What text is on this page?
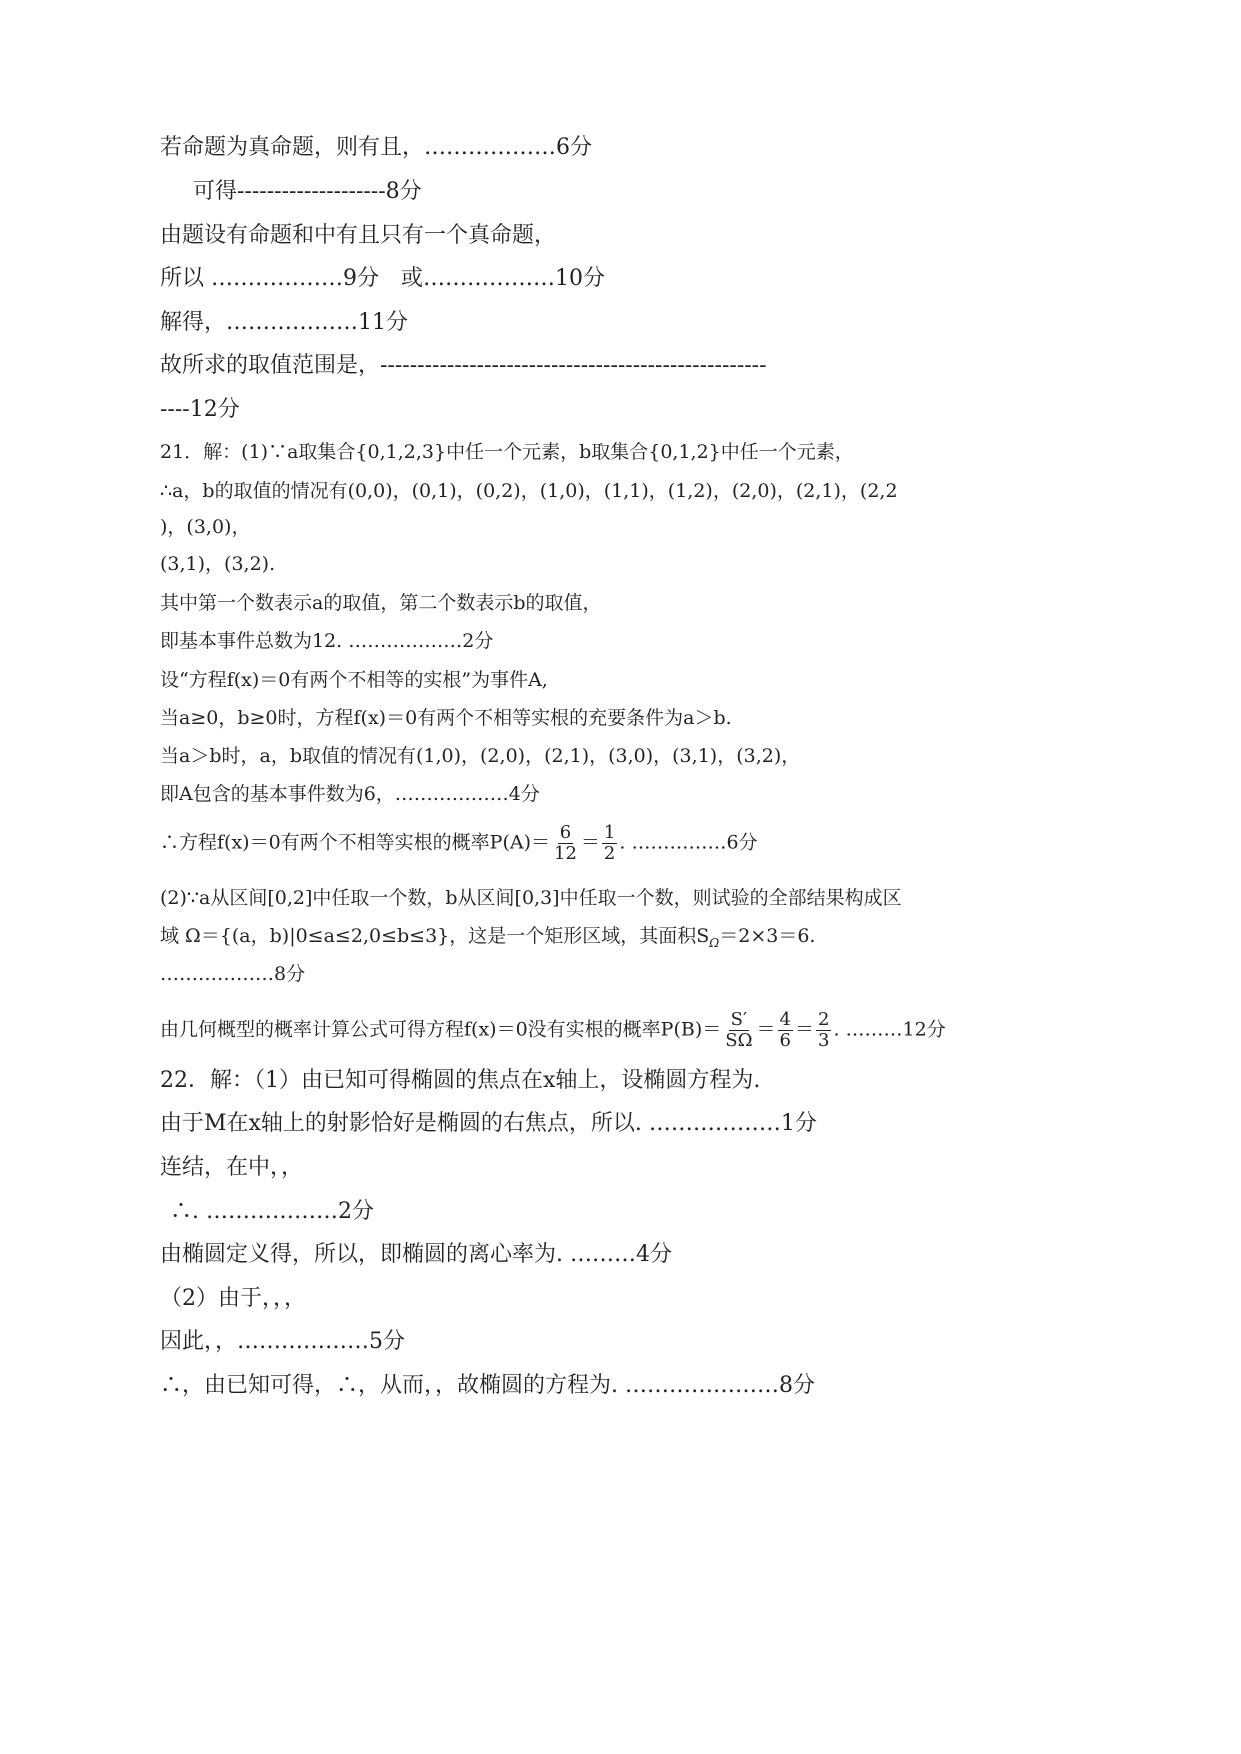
若命题为真命题，则有且，………………6分
可得--------------------8分
由题设有命题和中有且只有一个真命题，
所以 ………………9分　或………………10分
解得，………………11分
故所求的取值范围是，----------------------------------------------------
----12分
21．解：(1)∵a取集合{0,1,2,3}中任一个元素，b取集合{0,1,2}中任一个元素，
∴a，b的取值的情况有(0,0)，(0,1)，(0,2)，(1,0)，(1,1)，(1,2)，(2,0)，(2,1)，(2,2
)，(3,0)，
(3,1)，(3,2).
其中第一个数表示a的取值，第二个数表示b的取值，
即基本事件总数为12. ………………2分
设“方程f(x)＝0有两个不相等的实根”为事件A,
当a≥0，b≥0时，方程f(x)＝0有两个不相等实根的充要条件为a＞b.
当a＞b时，a，b取值的情况有(1,0)，(2,0)，(2,1)，(3,0)，(3,1)，(3,2)，
即A包含的基本事件数为6，………………4分
∴方程f(x)＝0有两个不相等实根的概率$P(A)= \frac{6}{12} = \frac{1}{2}$ . ……………6分
(2)∵a从区间[0,2]中任取一个数，b从区间[0,3]中任取一个数，则试验的全部结果构成区
域 Ω＝{(a，b)|0≤a≤2,0≤b≤3}，这是一个矩形区域，其面积$S_\Omega=2\times 3=6$.
………………8分
由几何概型的概率计算公式可得方程f(x)＝0没有实根的概率$P(B)= \frac{S'}{S\Omega} = \frac{4}{6} = \frac{2}{3}$ . ………12分
22．解：（1）由已知可得椭圆的焦点在x轴上，设椭圆方程为.
由于M在x轴上的射影恰好是椭圆的右焦点，所以. ………………1分
连结，在中，，
∴. ………………2分
由椭圆定义得，所以，即椭圆的离心率为. ………4分
（2）由于，，，
因此，，………………5分
∴，由已知可得，∴，从而，，故椭圆的方程为. …………………8分
